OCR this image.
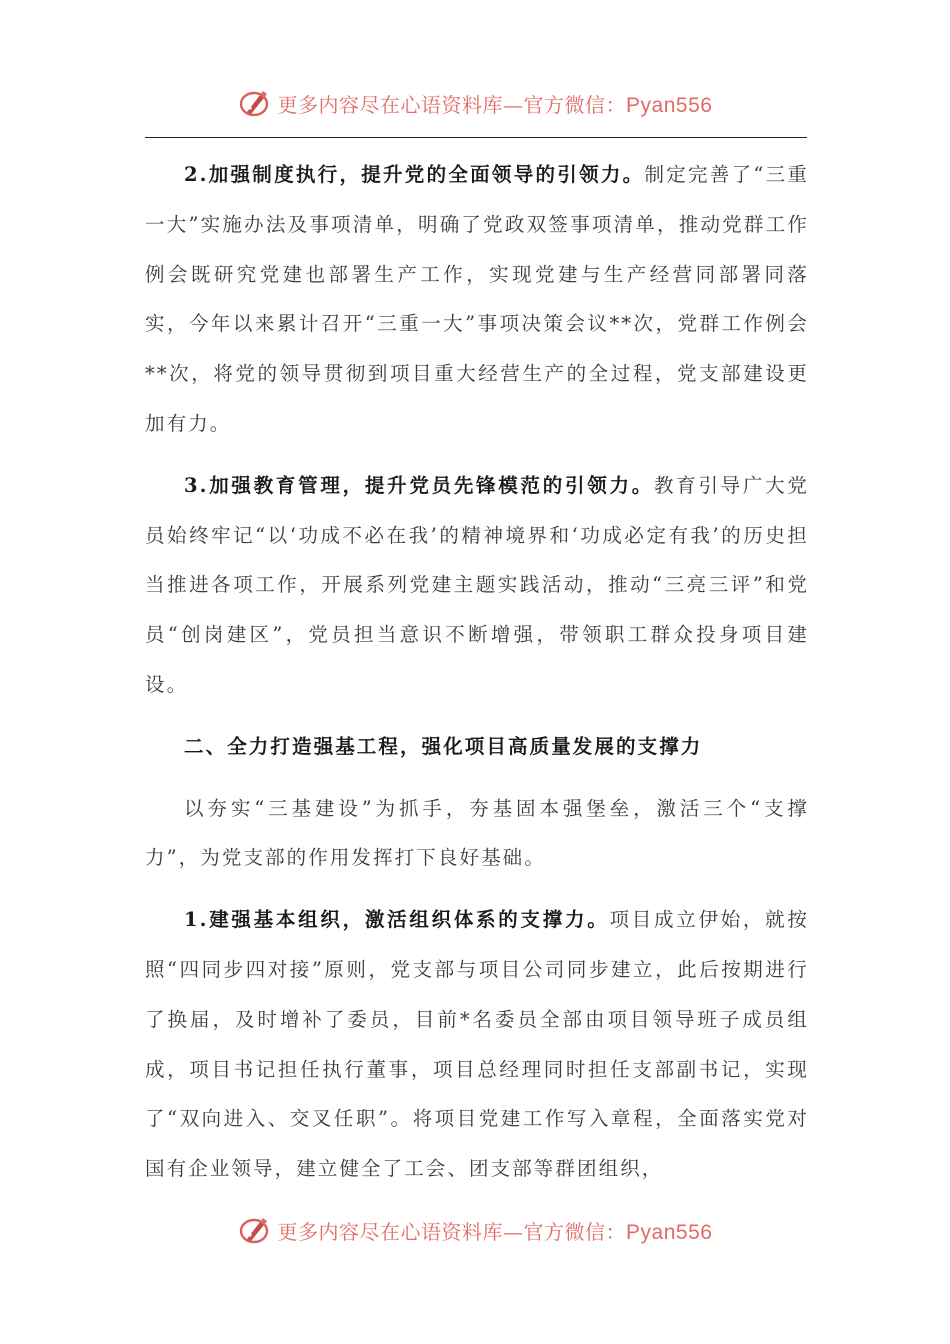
更多内容尽在心语资料库—官方微信：Pyan556

2.加强制度执行，提升党的全面领导的引领力。制定完善了“三重一大”实施办法及事项清单，明确了党政双签事项清单，推动党群工作例会既研究党建也部署生产工作，实现党建与生产经营同部署同落实，今年以来累计召开“三重一大”事项决策会议**次，党群工作例会**次，将党的领导贯彻到项目重大经营生产的全过程，党支部建设更加有力。

3.加强教育管理，提升党员先锋模范的引领力。教育引导广大党员始终牢记“以‘功成不必在我’的精神境界和‘功成必定有我’的历史担当推进各项工作，开展系列党建主题实践活动，推动“三亮三评”和党员“创岗建区”，党员担当意识不断增强，带领职工群众投身项目建设。

二、全力打造强基工程，强化项目高质量发展的支撑力

以夯实“三基建设”为抓手，夯基固本强堡垒，激活三个“支撑力”，为党支部的作用发挥打下良好基础。

1.建强基本组织，激活组织体系的支撑力。项目成立伊始，就按照“四同步四对接”原则，党支部与项目公司同步建立，此后按期进行了换届，及时增补了委员，目前*名委员全部由项目领导班子成员组成，项目书记担任执行董事，项目总经理同时担任支部副书记，实现了“双向进入、交叉任职”。将项目党建工作写入章程，全面落实党对国有企业领导，建立健全了工会、团支部等群团组织，

更多内容尽在心语资料库—官方微信：Pyan556
